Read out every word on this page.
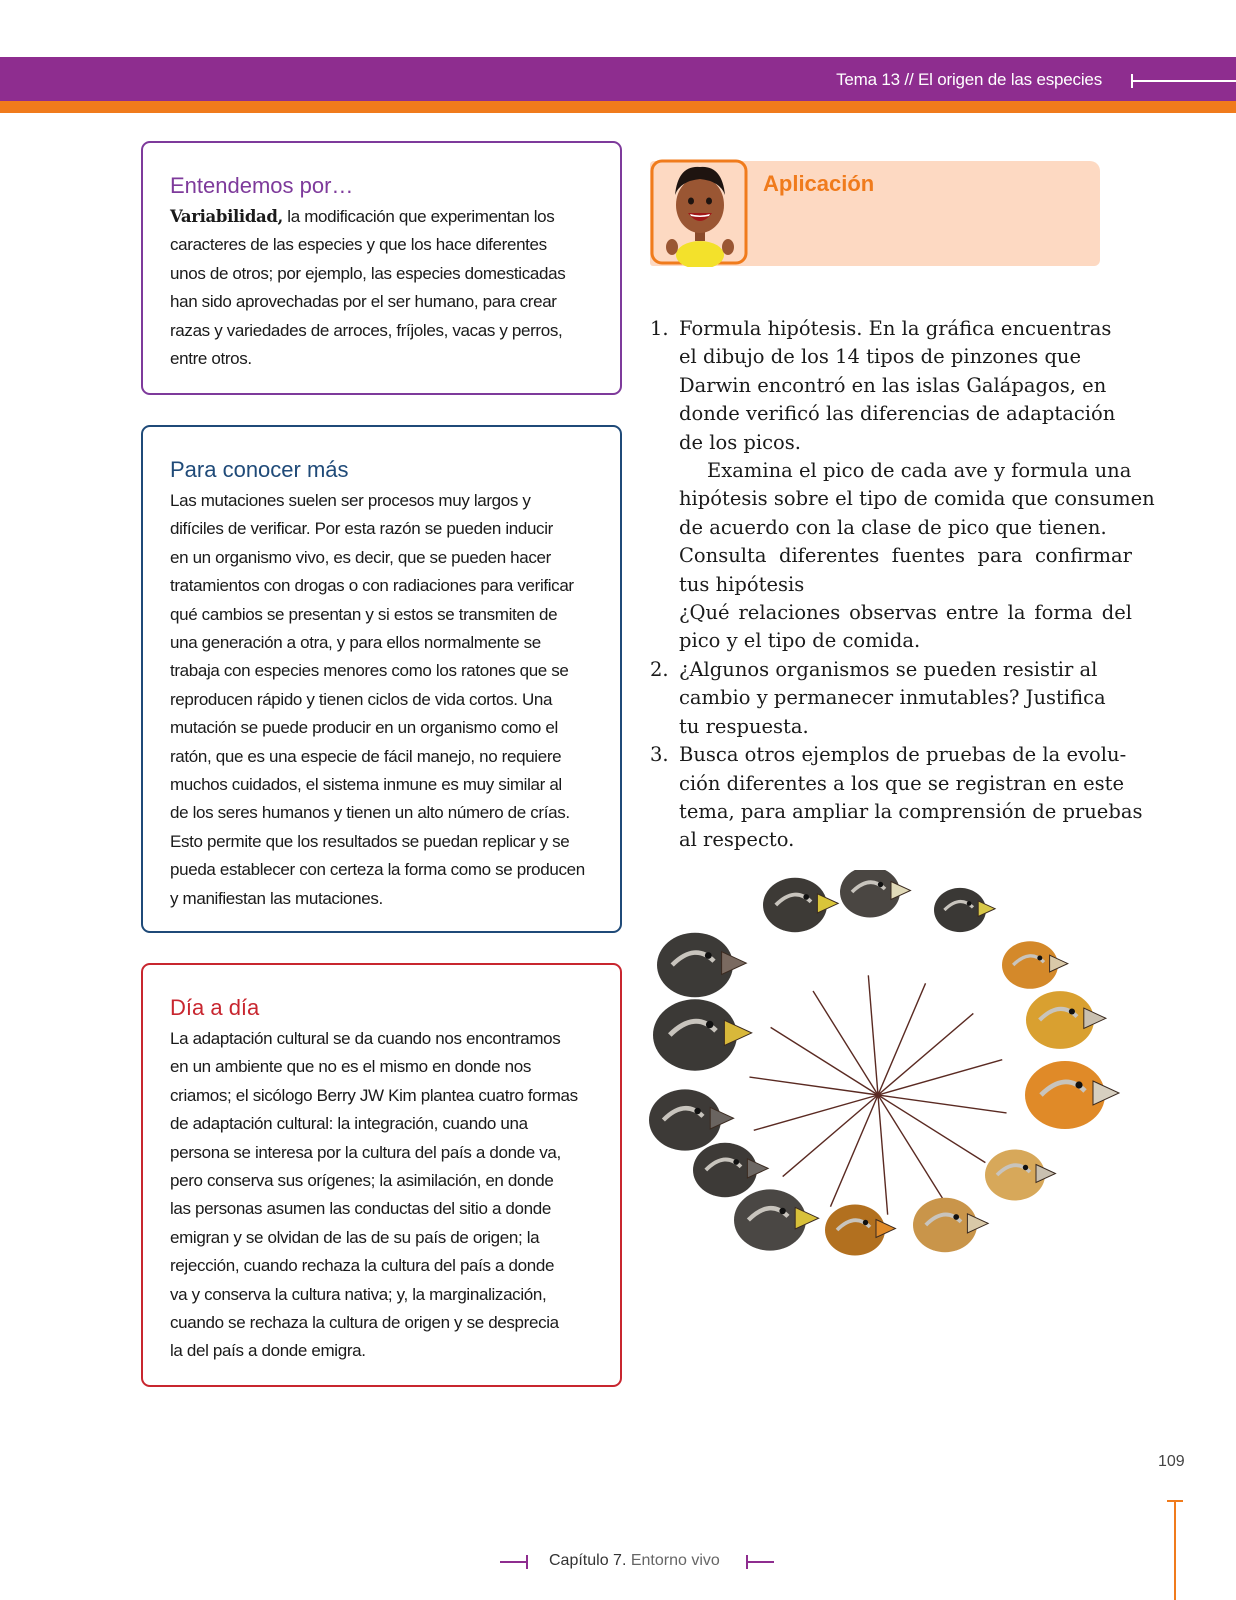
Tema 13 // El origen de las especies
Entendemos por…

Variabilidad, la modificación que experimentan los
caracteres de las especies y que los hace diferentes
unos de otros; por ejemplo, las especies domesticadas
han sido aprovechadas por el ser humano, para crear
razas y variedades de arroces, fríjoles, vacas y perros,
entre otros.

Para conocer más

Las mutaciones suelen ser procesos muy largos y
difíciles de verificar. Por esta razón se pueden inducir
en un organismo vivo, es decir, que se pueden hacer
tratamientos con drogas o con radiaciones para verificar
qué cambios se presentan y si estos se transmiten de
una generación a otra, y para ellos normalmente se
trabaja con especies menores como los ratones que se
reproducen rápido y tienen ciclos de vida cortos. Una
mutación se puede producir en un organismo como el
ratón, que es una especie de fácil manejo, no requiere
muchos cuidados, el sistema inmune es muy similar al
de los seres humanos y tienen un alto número de crías.
Esto permite que los resultados se puedan replicar y se
pueda establecer con certeza la forma como se producen
y manifiestan las mutaciones.

Día a día

La adaptación cultural se da cuando nos encontramos
en un ambiente que no es el mismo en donde nos
criamos; el sicólogo Berry JW Kim plantea cuatro formas
de adaptación cultural: la integración, cuando una
persona se interesa por la cultura del país a donde va,
pero conserva sus orígenes; la asimilación, en donde
las personas asumen las conductas del sitio a donde
emigran y se olvidan de las de su país de origen; la
rejección, cuando rechaza la cultura del país a donde
va y conserva la cultura nativa; y, la marginalización,
cuando se rechaza la cultura de origen y se desprecia
la del país a donde emigra.

Aplicación
1. Formula hipótesis. En la gráfica encuentras
el dibujo de los 14 tipos de pinzones que
Darwin encontró en las islas Galápagos, en
donde verificó las diferencias de adaptación
de los picos.
Examina el pico de cada ave y formula una
hipótesis sobre el tipo de comida que consumen
de acuerdo con la clase de pico que tienen.
Consulta diferentes fuentes para confirmar
tus hipótesis
¿Qué relaciones observas entre la forma del
pico y el tipo de comida.
2. ¿Algunos organismos se pueden resistir al
cambio y permanecer inmutables? Justifica
tu respuesta.
3. Busca otros ejemplos de pruebas de la evolu-
ción diferentes a los que se registran en este
tema, para ampliar la comprensión de pruebas
al respecto.
109
Capítulo 7. Entorno vivo
